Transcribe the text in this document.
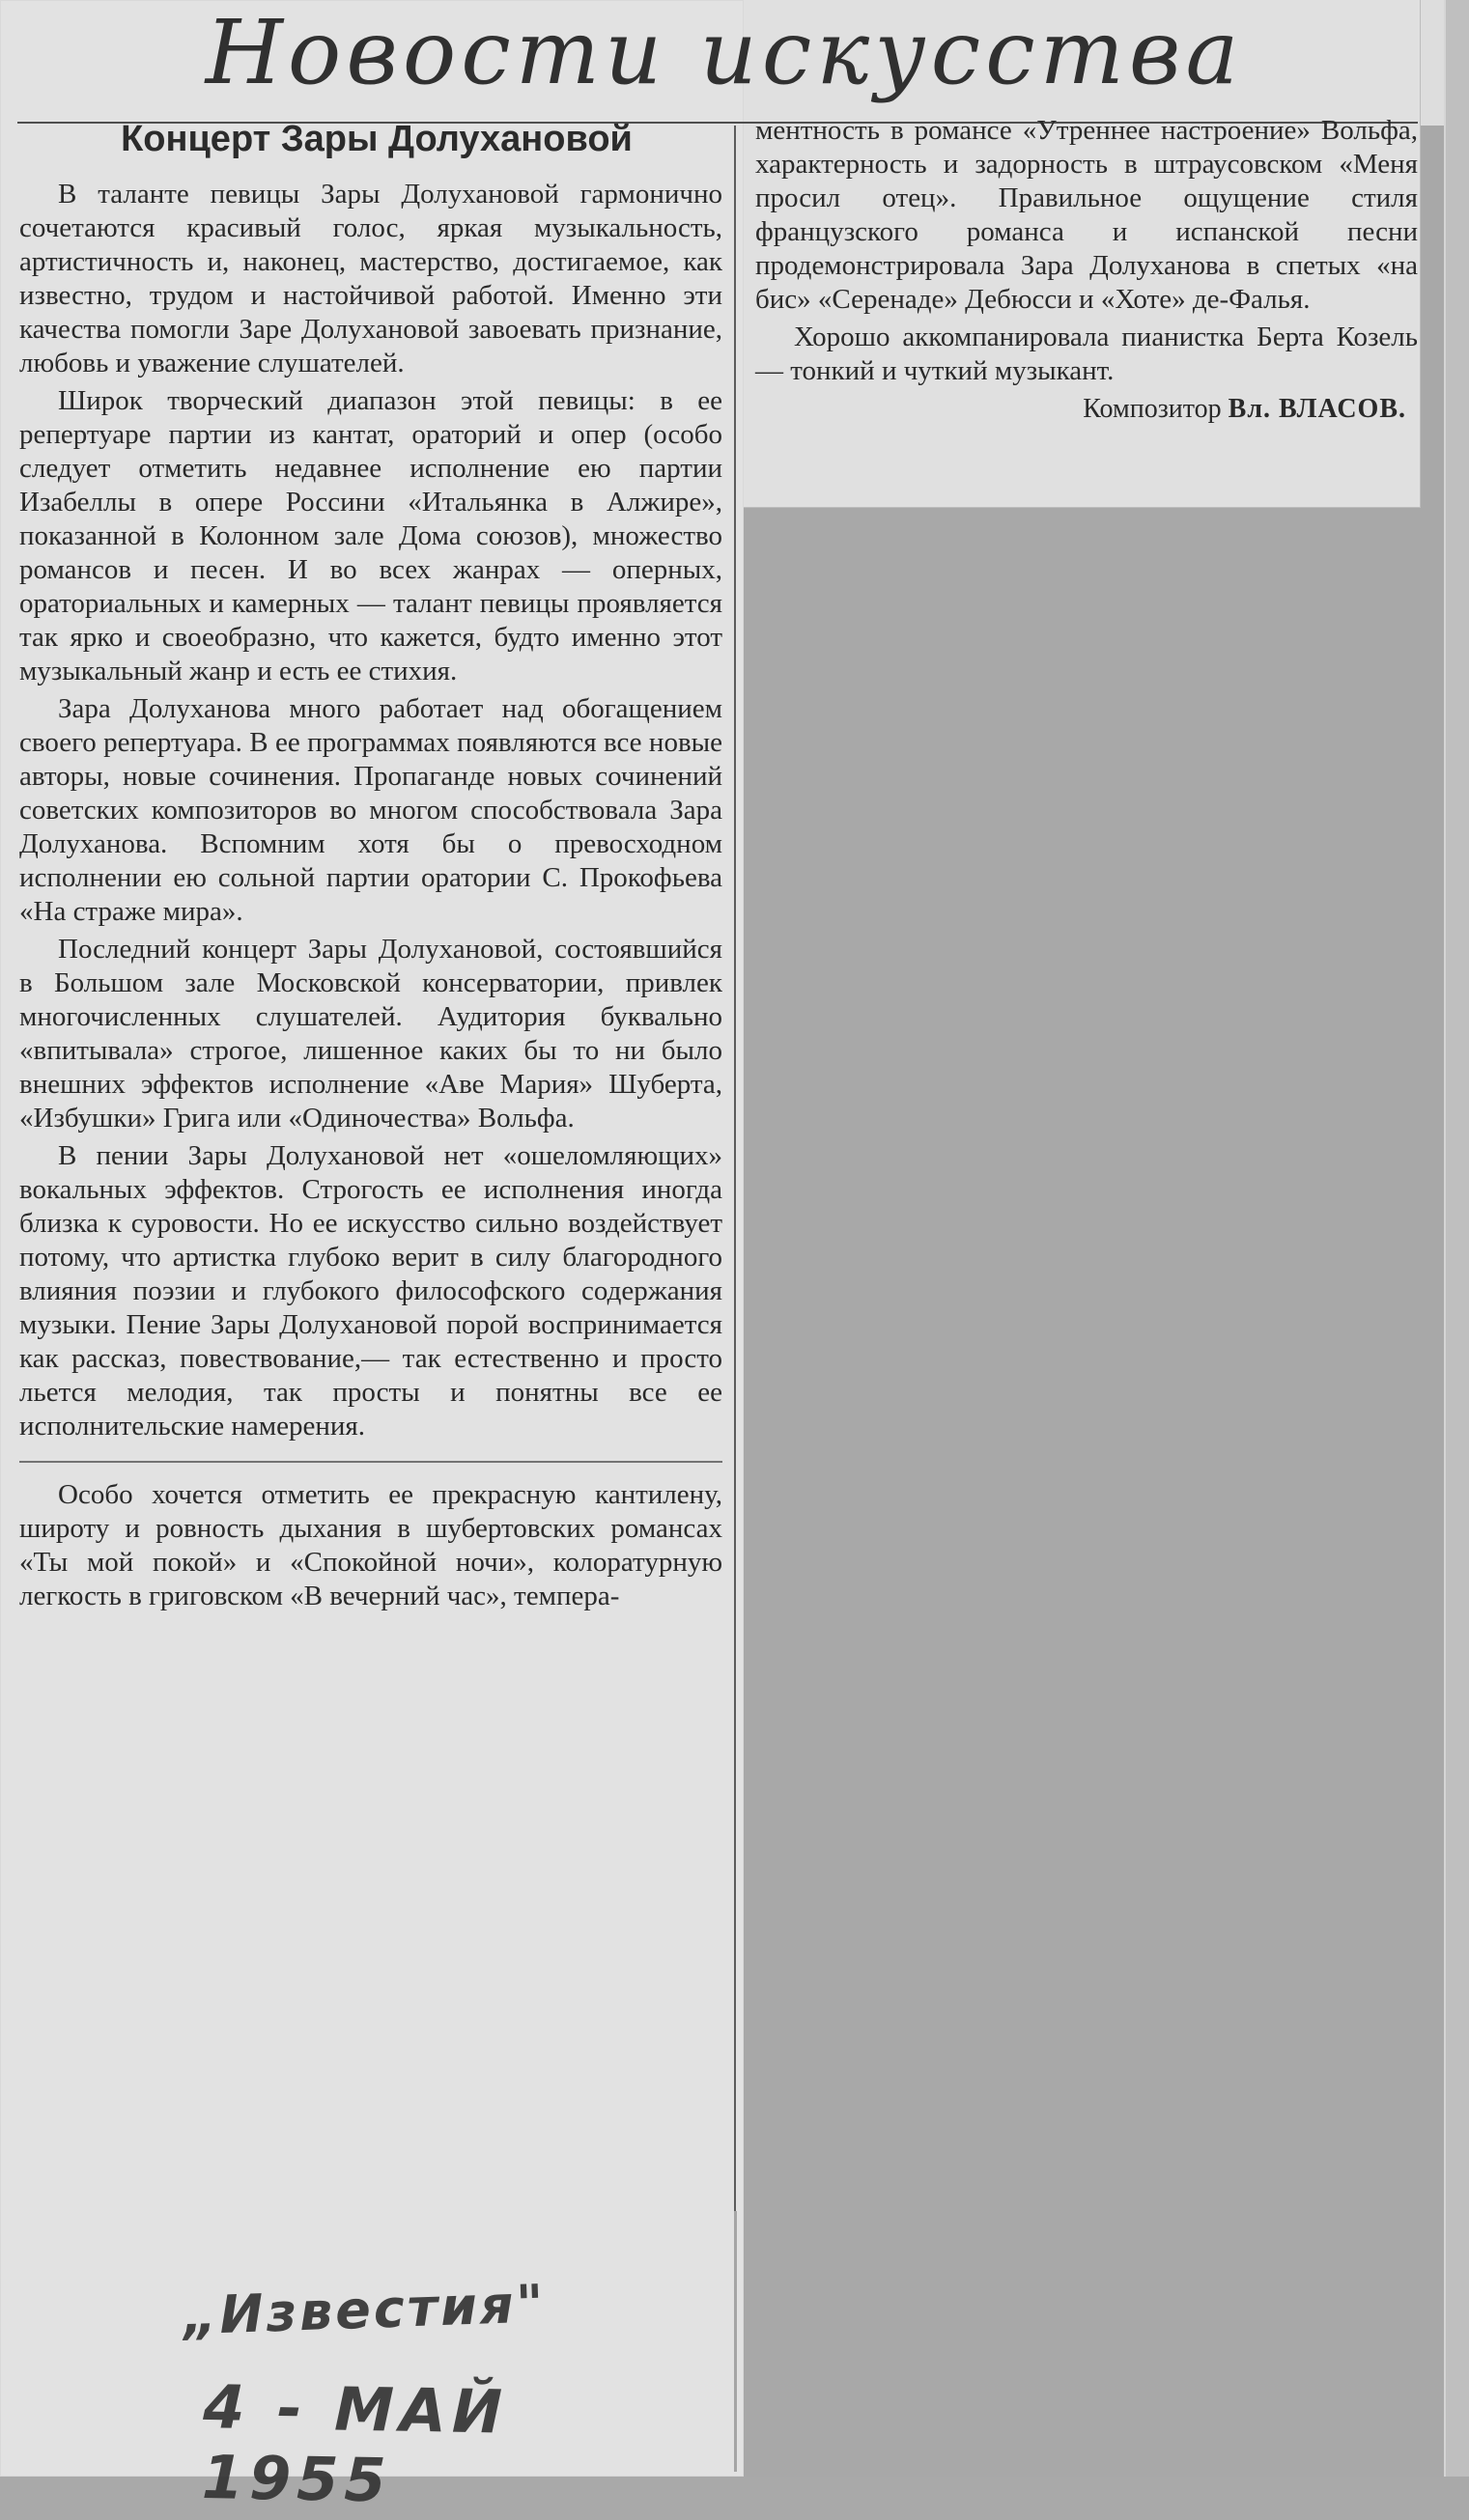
Новости искусства
Концерт Зары Долухановой

В таланте певицы Зары Долухановой гармонично сочетаются красивый голос, яркая музыкальность, артистичность и, наконец, мастерство, достигаемое, как известно, трудом и настойчивой работой. Именно эти качества помогли Заре Долухановой завоевать признание, любовь и уважение слушателей.

Широк творческий диапазон этой певицы: в ее репертуаре партии из кантат, ораторий и опер (особо следует отметить недавнее исполнение ею партии Изабеллы в опере Россини «Итальянка в Алжире», показанной в Колонном зале Дома союзов), множество романсов и песен. И во всех жанрах — оперных, ораториальных и камерных — талант певицы проявляется так ярко и своеобразно, что кажется, будто именно этот музыкальный жанр и есть ее стихия.

Зара Долуханова много работает над обогащением своего репертуара. В ее программах появляются все новые авторы, новые сочинения. Пропаганде новых сочинений советских композиторов во многом способствовала Зара Долуханова. Вспомним хотя бы о превосходном исполнении ею сольной партии оратории С. Прокофьева «На страже мира».

Последний концерт Зары Долухановой, состоявшийся в Большом зале Московской консерватории, привлек многочисленных слушателей. Аудитория буквально «впитывала» строгое, лишенное каких бы то ни было внешних эффектов исполнение «Аве Мария» Шуберта, «Избушки» Грига или «Одиночества» Вольфа.

В пении Зары Долухановой нет «ошеломляющих» вокальных эффектов. Строгость ее исполнения иногда близка к суровости. Но ее искусство сильно воздействует потому, что артистка глубоко верит в силу благородного влияния поэзии и глубокого философского содержания музыки. Пение Зары Долухановой порой воспринимается как рассказ, повествование,— так естественно и просто льется мелодия, так просты и понятны все ее исполнительские намерения.

Особо хочется отметить ее прекрасную кантилену, широту и ровность дыхания в шубертовских романсах «Ты мой покой» и «Спокойной ночи», колоратурную легкость в григовском «В вечерний час», темпера-

ментность в романсе «Утреннее настроение» Вольфа, характерность и задорность в штраусовском «Меня просил отец». Правильное ощущение стиля французского романса и испанской песни продемонстрировала Зара Долуханова в спетых «на бис» «Серенаде» Дебюсси и «Хоте» де-Фалья.

Хорошо аккомпанировала пианистка Берта Козель — тонкий и чуткий музыкант.

Композитор Вл. ВЛАСОВ.
„Известия"
4 - МАЙ 1955
